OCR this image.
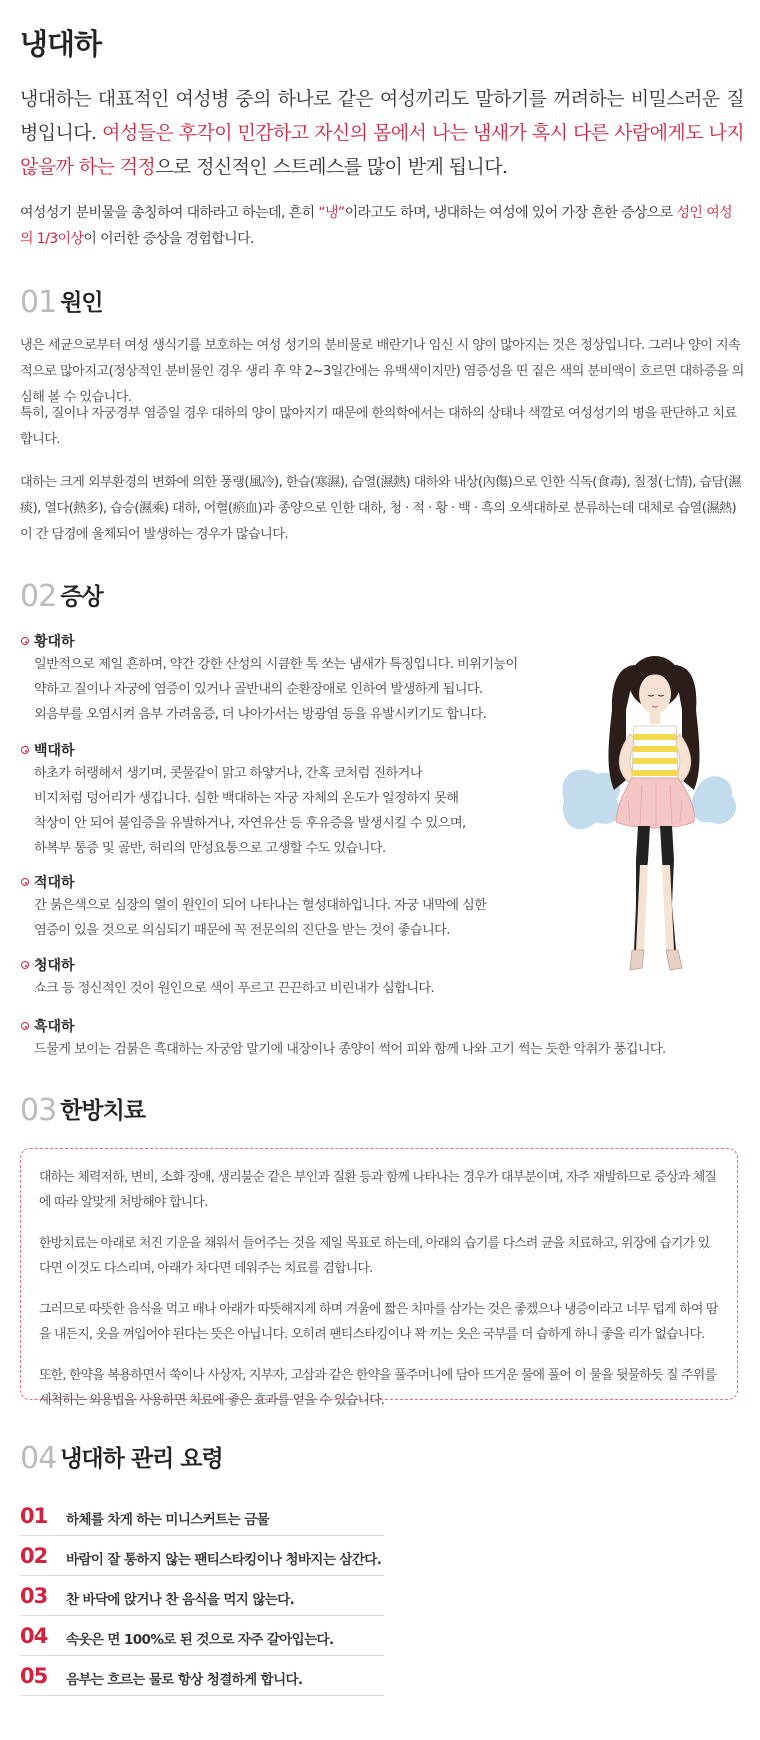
냉대하
냉대하는 대표적인 여성병 중의 하나로 같은 여성끼리도 말하기를 꺼려하는 비밀스러운 질병입니다. 여성들은 후각이 민감하고 자신의 몸에서 나는 냄새가 혹시 다른 사람에게도 나지 않을까 하는 걱정으로 정신적인 스트레스를 많이 받게 됩니다.
여성성기 분비물을 총칭하여 대하라고 하는데, 흔히 “냉”이라고도 하며, 냉대하는 여성에 있어 가장 흔한 증상으로 성인 여성의 1/3이상이 이러한 증상을 경험합니다.
01 원인
냉은 세균으로부터 여성 생식기를 보호하는 여성 성기의 분비물로 배란기나 임신 시 양이 많아지는 것은 정상입니다. 그러나 양이 지속적으로 많아지고(정상적인 분비물인 경우 생리 후 약 2~3일간에는 유백색이지만) 염증성을 띤 짙은 색의 분비액이 흐르면 대하증을 의심해 볼 수 있습니다.
특히, 질이나 자궁경부 염증일 경우 대하의 양이 많아지기 때문에 한의학에서는 대하의 상태나 색깔로 여성성기의 병을 판단하고 치료합니다.
대하는 크게 외부환경의 변화에 의한 풍랭(風冷), 한습(寒濕), 습열(濕熱) 대하와 내상(內傷)으로 인한 식독(食毒), 칠정(七情), 습담(濕痰), 열다(熱多), 습승(濕乘) 대하, 어혈(瘀血)과 종양으로 인한 대하, 청 · 적 · 황 · 백 · 흑의 오색대하로 분류하는데 대체로 습열(濕熱)이 간 담경에 울체되어 발생하는 경우가 많습니다.
02 증상
황대하
일반적으로 제일 흔하며, 약간 강한 산성의 시큼한 톡 쏘는 냄새가 특징입니다. 비위기능이
약하고 질이나 자궁에 염증이 있거나 골반내의 순환장애로 인하여 발생하게 됩니다.
외음부를 오염시켜 음부 가려움증, 더 나아가서는 방광염 등을 유발시키기도 합니다.
백대하
하초가 허랭해서 생기며, 콧물같이 맑고 하얗거나, 간혹 코처럼 진하거나
비지처럼 덩어리가 생깁니다. 심한 백대하는 자궁 자체의 온도가 일정하지 못해
착상이 안 되어 불임증을 유발하거나, 자연유산 등 후유증을 발생시킬 수 있으며,
하복부 통증 및 골반, 허리의 만성요통으로 고생할 수도 있습니다.
적대하
간 붉은색으로 심장의 열이 원인이 되어 나타나는 혈성대하입니다. 자궁 내막에 심한
염증이 있을 것으로 의심되기 때문에 꼭 전문의의 진단을 받는 것이 좋습니다.
청대하
쇼크 등 정신적인 것이 원인으로 색이 푸르고 끈끈하고 비린내가 심합니다.
흑대하
드물게 보이는 검붉은 흑대하는 자궁암 말기에 내장이나 종양이 썩어 피와 함께 나와 고기 썩는 듯한 악취가 풍깁니다.
03 한방치료

대하는 체력저하, 변비, 소화 장애, 생리불순 같은 부인과 질환 등과 함께 나타나는 경우가 대부분이며, 자주 재발하므로 증상과 체질에 따라 알맞게 처방해야 합니다.

한방치료는 아래로 처진 기운을 채워서 들어주는 것을 제일 목표로 하는데, 아래의 습기를 다스려 균을 치료하고, 위장에 습기가 있다면 이것도 다스리며, 아래가 차다면 데워주는 치료를 겸합니다.

그러므로 따뜻한 음식을 먹고 배나 아래가 따뜻해지게 하며 겨울에 짧은 치마를 삼가는 것은 좋겠으나 냉증이라고 너무 덥게 하여 땀을 내든지, 옷을 껴입어야 된다는 뜻은 아닙니다. 오히려 팬티스타킹이나 꽉 끼는 옷은 국부를 더 습하게 하니 좋을 리가 없습니다.

또한, 한약을 복용하면서 쑥이나 사상자, 지부자, 고삼과 같은 한약을 풀주머니에 담아 뜨거운 물에 풀어 이 물을 뒷물하듯 질 주위를 세척하는 외용법을 사용하면 치료에 좋은 효과를 얻을 수 있습니다.

04 냉대하 관리 요령
01 하체를 차게 하는 미니스커트는 금물
02 바람이 잘 통하지 않는 팬티스타킹이나 청바지는 삼간다.
03 찬 바닥에 앉거나 찬 음식을 먹지 않는다.
04 속옷은 면 100%로 된 것으로 자주 갈아입는다.
05 음부는 흐르는 물로 항상 청결하게 합니다.
